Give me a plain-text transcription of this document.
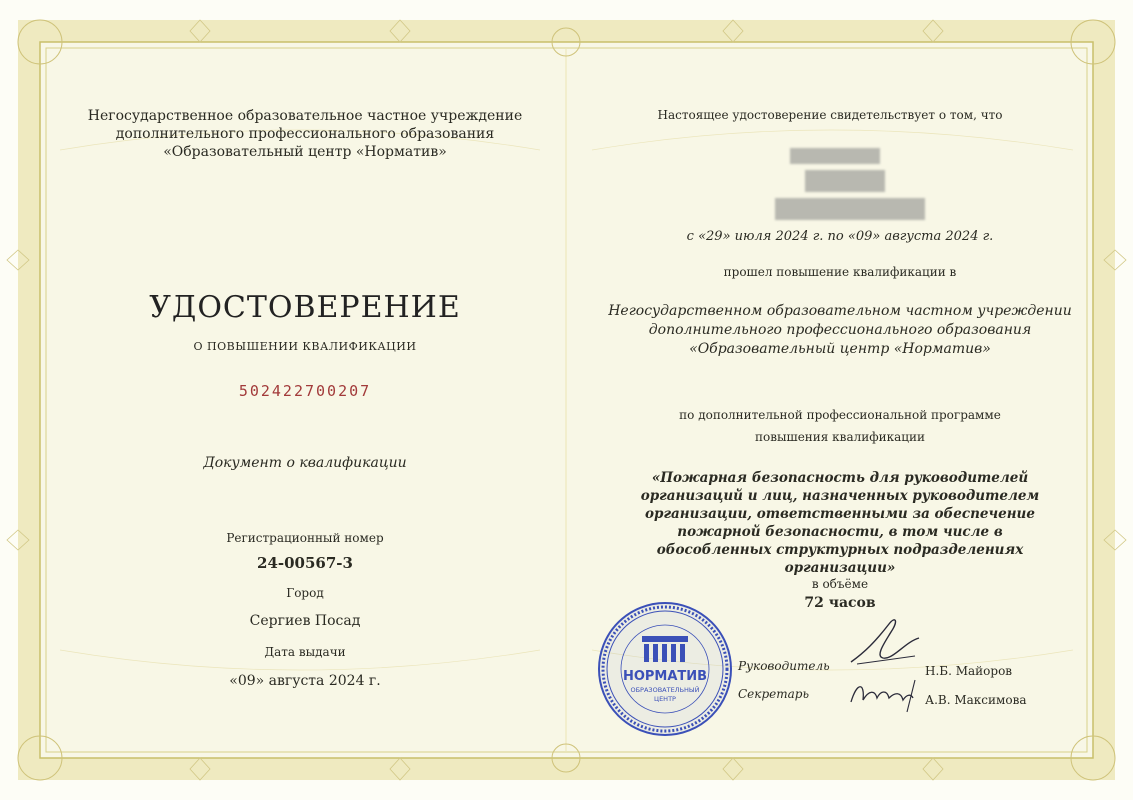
Негосударственное образовательное частное учреждение
дополнительного профессионального образования
«Образовательный центр «Норматив»
УДОСТОВЕРЕНИЕ
О ПОВЫШЕНИИ КВАЛИФИКАЦИИ
502422700207
Документ о квалификации
Регистрационный номер
24-00567-3
Город
Сергиев Посад
Дата выдачи
«09» августа 2024 г.
Настоящее удостоверение свидетельствует о том, что
с «29» июля 2024 г. по «09» августа 2024 г.
прошел повышение квалификации в
Негосударственном образовательном частном учреждении
дополнительного профессионального образования
«Образовательный центр «Норматив»
по дополнительной профессиональной программе
повышения квалификации
«Пожарная безопасность для руководителей
организаций и лиц, назначенных руководителем
организации, ответственными за обеспечение
пожарной безопасности, в том числе в
обособленных структурных подразделениях
организации»
в объёме
72 часов
Руководитель	Н.Б. Майоров
Секретарь	А.В. Максимова
НОРМАТИВ
ОБРАЗОВАТЕЛЬНЫЙ
ЦЕНТР
